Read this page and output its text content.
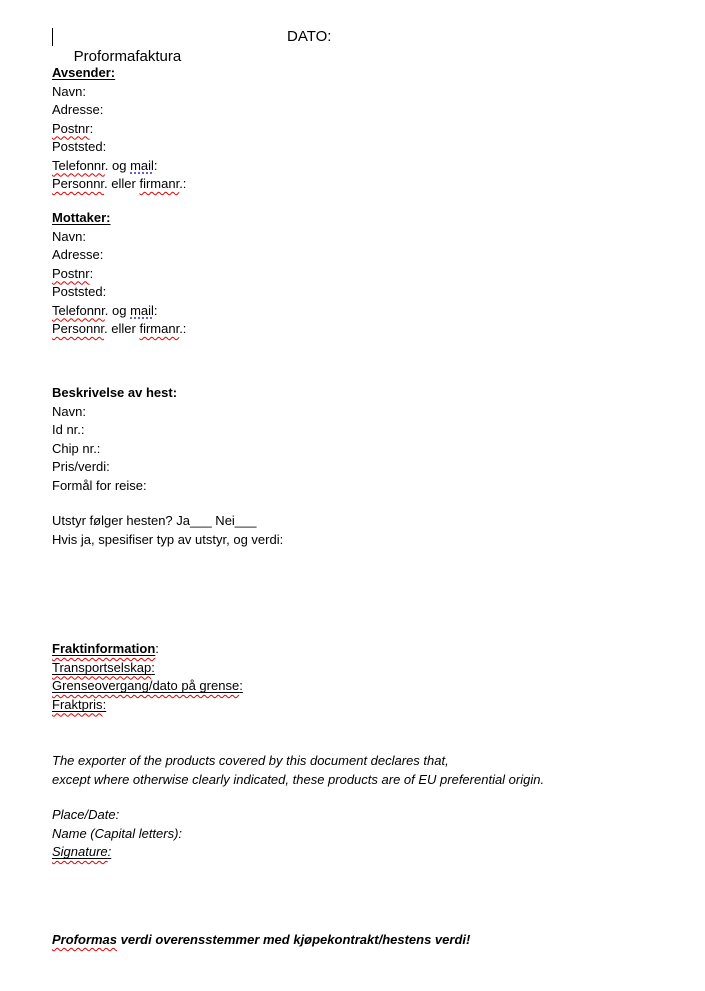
Proformafaktura

DATO:

Avsender:
Navn:
Adresse:
Postnr:
Poststed:
Telefonnr. og mail:
Personnr. eller firmanr.:
Mottaker:
Navn:
Adresse:
Postnr:
Poststed:
Telefonnr. og mail:
Personnr. eller firmanr.:
Beskrivelse av hest:
Navn:
Id nr.:
Chip nr.:
Pris/verdi:
Formål for reise:
Utstyr følger hesten? Ja___ Nei___
Hvis ja, spesifiser typ av utstyr, og verdi:
Fraktinformation:
Transportselskap:
Grenseovergang/dato på grense:
Fraktpris:
The exporter of the products covered by this document declares that,
except where otherwise clearly indicated, these products are of EU preferential origin.
Place/Date:
Name (Capital letters):
Signature:
Proformas verdi overensstemmer med kjøpekontrakt/hestens verdi!
